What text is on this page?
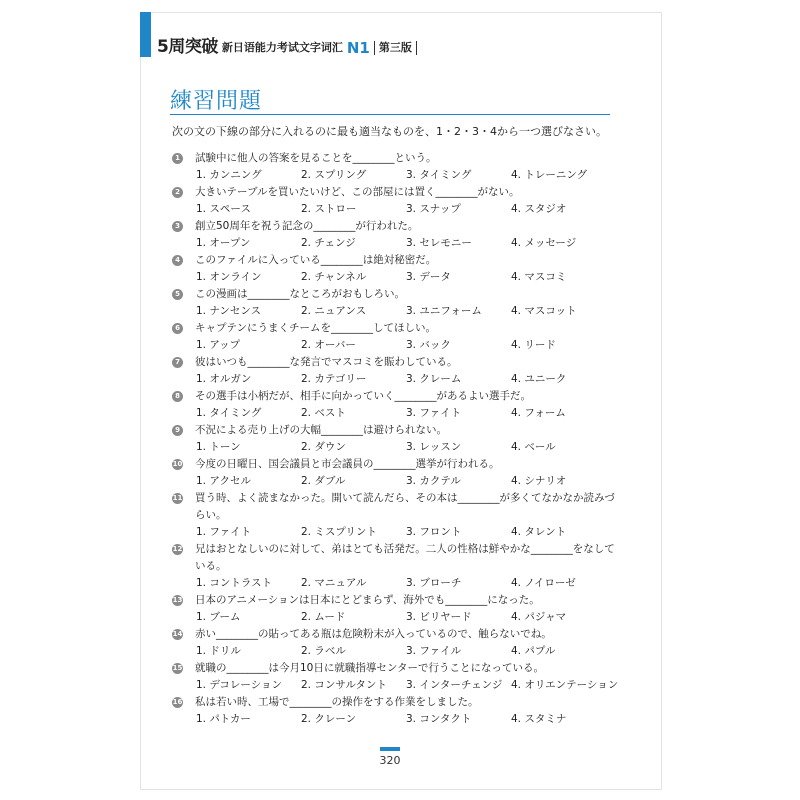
5周突破 新日语能力考试文字词汇 N1 第三版
練習問題
次の文の下線の部分に入れるのに最も適当なものを、1・2・3・4から一つ選びなさい。
1 試験中に他人の答案を見ることを________という。
1. カンニング	2. スプリング	3. タイミング	4. トレーニング
2 大きいテーブルを買いたいけど、この部屋には置く________がない。
1. スペース	2. ストロー	3. スナップ	4. スタジオ
3 創立50周年を祝う記念の________が行われた。
1. オープン	2. チェンジ	3. セレモニー	4. メッセージ
4 このファイルに入っている________は絶対秘密だ。
1. オンライン	2. チャンネル	3. データ	4. マスコミ
5 この漫画は________なところがおもしろい。
1. ナンセンス	2. ニュアンス	3. ユニフォーム	4. マスコット
6 キャプテンにうまくチームを________してほしい。
1. アップ	2. オーバー	3. バック	4. リード
7 彼はいつも________な発言でマスコミを賑わしている。
1. オルガン	2. カテゴリー	3. クレーム	4. ユニーク
8 その選手は小柄だが、相手に向かっていく________があるよい選手だ。
1. タイミング	2. ベスト	3. ファイト	4. フォーム
9 不況による売り上げの大幅________は避けられない。
1. トーン	2. ダウン	3. レッスン	4. ベール
10 今度の日曜日、国会議員と市会議員の________選挙が行われる。
1. アクセル	2. ダブル	3. カクテル	4. シナリオ
11 買う時、よく読まなかった。開いて読んだら、その本は________が多くてなかなか読みづらい。
1. ファイト	2. ミスプリント	3. フロント	4. タレント
12 兄はおとなしいのに対して、弟はとても活発だ。二人の性格は鮮やかな________をなしている。
1. コントラスト	2. マニュアル	3. ブローチ	4. ノイローゼ
13 日本のアニメーションは日本にとどまらず、海外でも________になった。
1. ブーム	2. ムード	3. ビリヤード	4. パジャマ
14 赤い________の貼ってある瓶は危険粉末が入っているので、触らないでね。
1. ドリル	2. ラベル	3. ファイル	4. パプル
15 就職の________は今月10日に就職指導センターで行うことになっている。
1. デコレーション	2. コンサルタント	3. インターチェンジ 4. オリエンテーション
16 私は若い時、工場で________の操作をする作業をしました。
1. パトカー	2. クレーン	3. コンタクト	4. スタミナ
320
